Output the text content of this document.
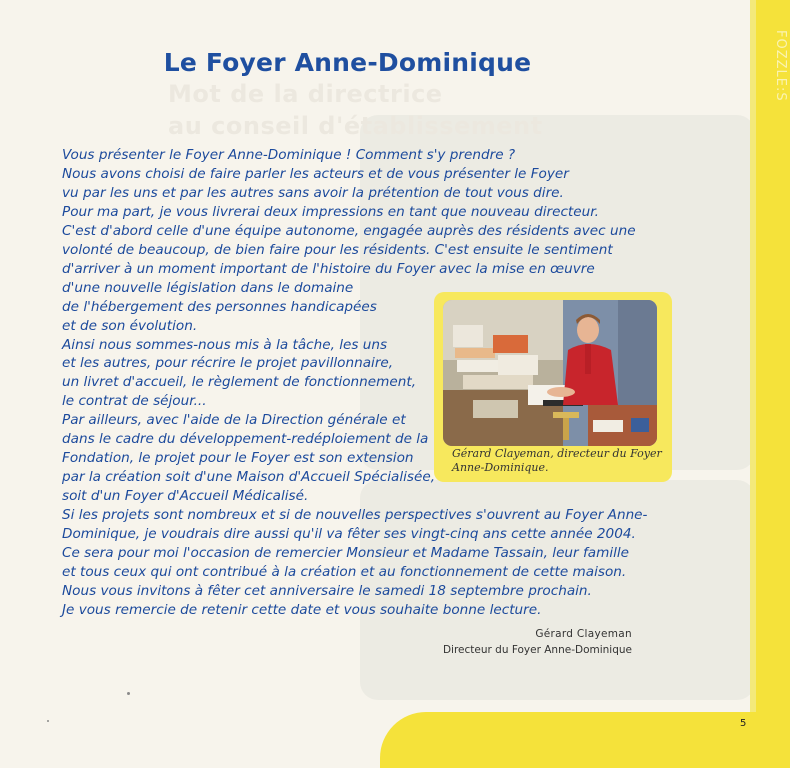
FOZZLE:S
Mot de la directrice
au conseil d'établissement
Le Foyer Anne-Dominique
Vous présenter le Foyer Anne-Dominique ! Comment s'y prendre ?
Nous avons choisi de faire parler les acteurs et de vous présenter le Foyer
vu par les uns et par les autres sans avoir la prétention de tout vous dire.
Pour ma part, je vous livrerai deux impressions en tant que nouveau directeur.
C'est d'abord celle d'une équipe autonome, engagée auprès des résidents avec une
volonté de beaucoup, de bien faire pour les résidents. C'est ensuite le sentiment
d'arriver à un moment important de l'histoire du Foyer avec la mise en œuvre
d'une nouvelle législation dans le domaine
de l'hébergement des personnes handicapées
et de son évolution.
Ainsi nous sommes-nous mis à la tâche, les uns
et les autres, pour récrire le projet pavillonnaire,
un livret d'accueil, le règlement de fonctionnement,
le contrat de séjour...
Par ailleurs, avec l'aide de la Direction générale et
dans le cadre du développement-redéploiement de la
Fondation, le projet pour le Foyer est son extension
par la création soit d'une Maison d'Accueil Spécialisée,
soit d'un Foyer d'Accueil Médicalisé.
Si les projets sont nombreux et si de nouvelles perspectives s'ouvrent au Foyer Anne-
Dominique, je voudrais dire aussi qu'il va fêter ses vingt-cinq ans cette année 2004.
Ce sera pour moi l'occasion de remercier Monsieur et Madame Tassain, leur famille
et tous ceux qui ont contribué à la création et au fonctionnement de cette maison.
Nous vous invitons à fêter cet anniversaire le samedi 18 septembre prochain.
Je vous remercie de retenir cette date et vous souhaite bonne lecture.
Gérard Clayeman, directeur du Foyer
Anne-Dominique.
Gérard Clayeman
Directeur du Foyer Anne-Dominique
5
